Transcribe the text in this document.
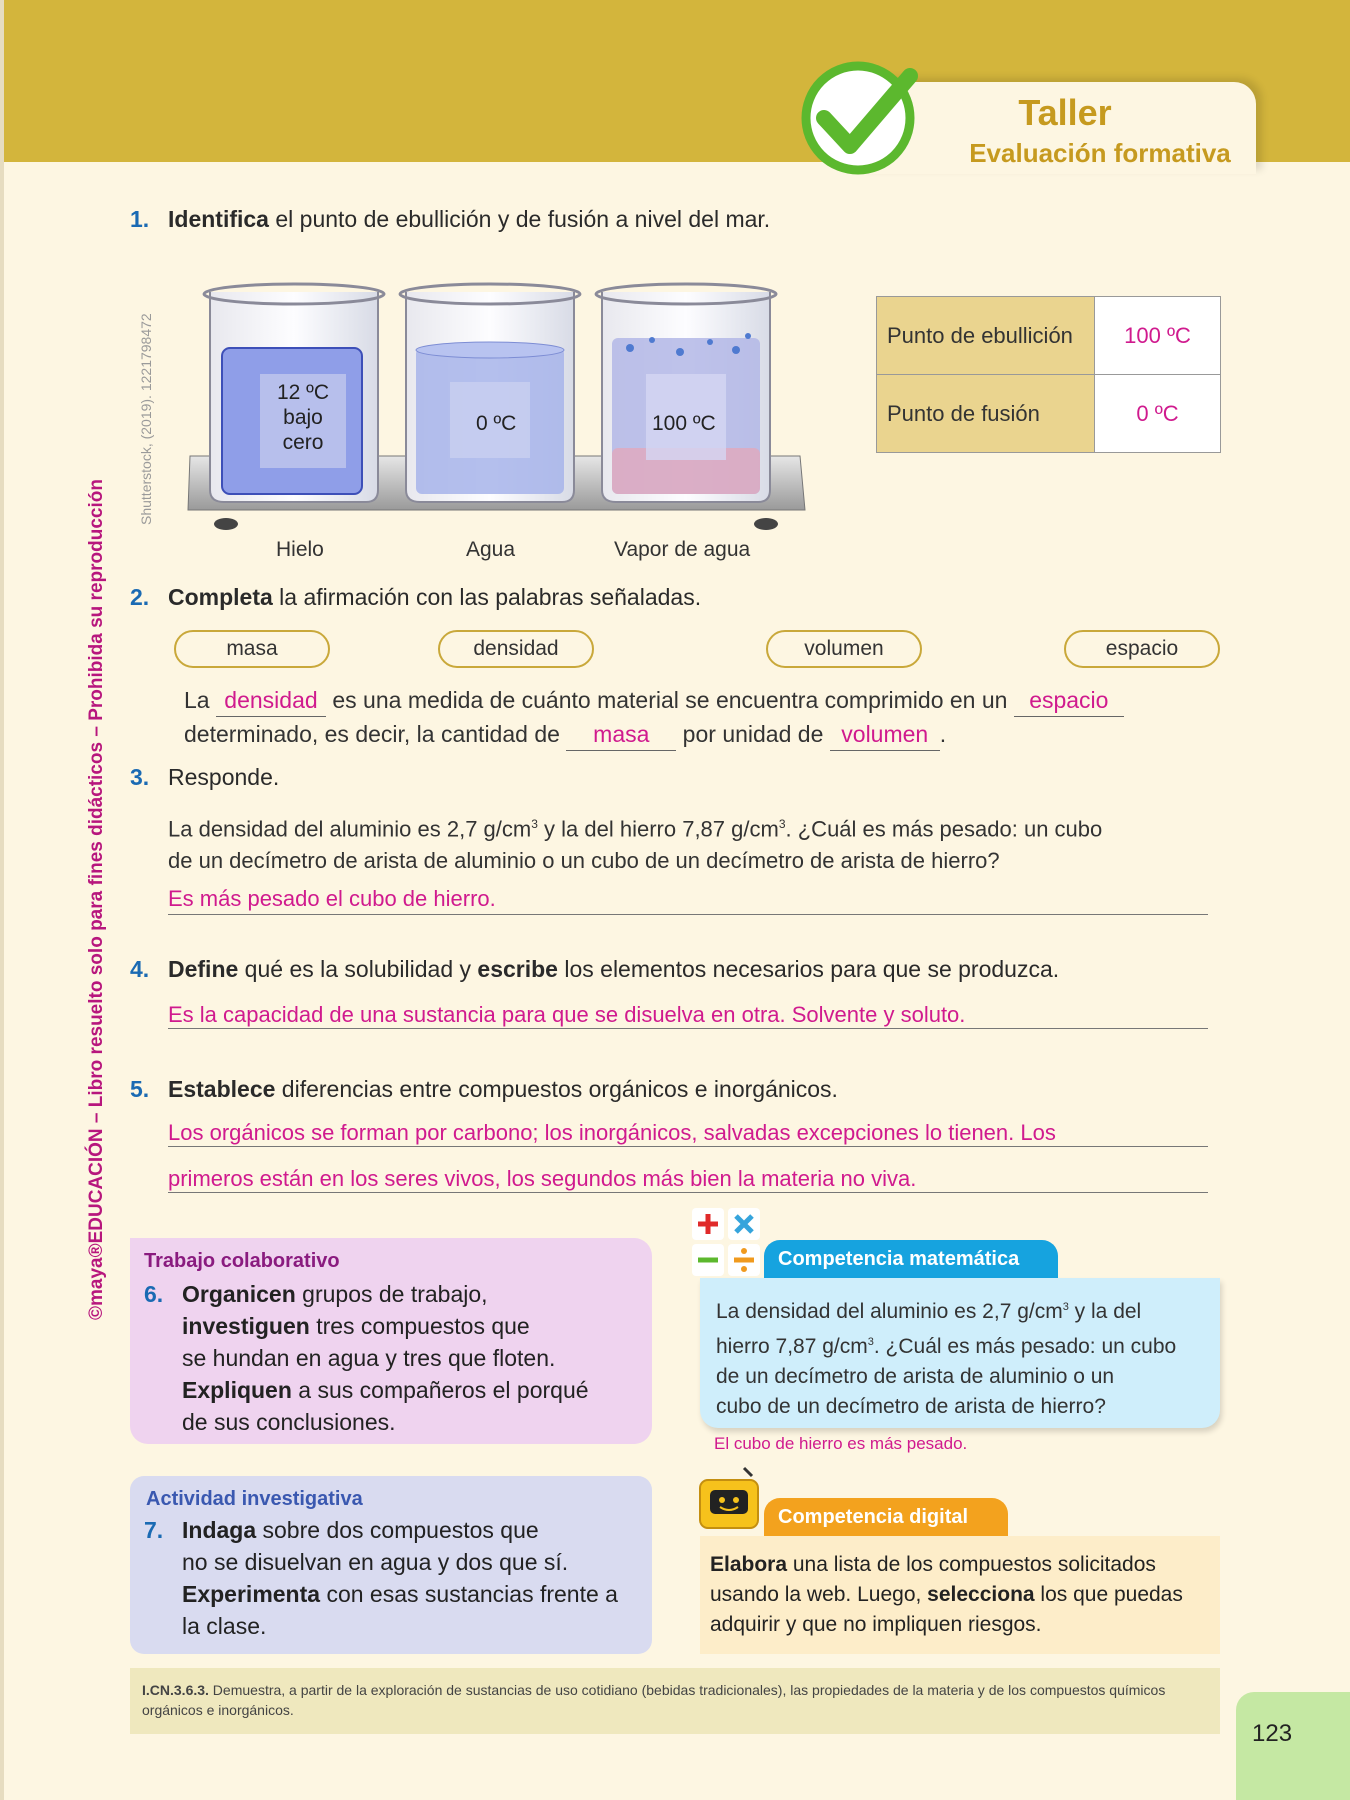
Taller
Evaluación formativa
©maya®EDUCACIÓN – Libro resuelto solo para fines didácticos – Prohibida su reproducción
Shutterstock, (2019). 1221798472
1. Identifica el punto de ebullición y de fusión a nivel del mar.
12 ºC
bajo
cero
0 ºC	100 ºC
Hielo	Agua	Vapor de agua
Punto de ebullición	100 ºC
Punto de fusión	0 ºC
2. Completa la afirmación con las palabras señaladas.
masa	densidad	volumen	espacio
La densidad es una medida de cuánto material se encuentra comprimido en un espacio
determinado, es decir, la cantidad de masa por unidad de volumen .
3. Responde.
La densidad del aluminio es 2,7 $g/cm^3$ y la del hierro 7,87 $g/cm^3$. ¿Cuál es más pesado: un cubo
de un decímetro de arista de aluminio o un cubo de un decímetro de arista de hierro?
Es más pesado el cubo de hierro.
4. Define qué es la solubilidad y escribe los elementos necesarios para que se produzca.
Es la capacidad de una sustancia para que se disuelva en otra. Solvente y soluto.
5. Establece diferencias entre compuestos orgánicos e inorgánicos.
Los orgánicos se forman por carbono; los inorgánicos, salvadas excepciones lo tienen. Los
primeros están en los seres vivos, los segundos más bien la materia no viva.
Trabajo colaborativo
6. Organicen grupos de trabajo,
investiguen tres compuestos que
se hundan en agua y tres que floten.
Expliquen a sus compañeros el porqué
de sus conclusiones.
Actividad investigativa
7. Indaga sobre dos compuestos que
no se disuelvan en agua y dos que sí.
Experimenta con esas sustancias frente a
la clase.
Competencia matemática
La densidad del aluminio es 2,7 $g/cm^3$ y la del
hierro 7,87 $g/cm^3$. ¿Cuál es más pesado: un cubo
de un decímetro de arista de aluminio o un
cubo de un decímetro de arista de hierro?
El cubo de hierro es más pesado.
Competencia digital
Elabora una lista de los compuestos solicitados
usando la web. Luego, selecciona los que puedas
adquirir y que no impliquen riesgos.
I.CN.3.6.3. Demuestra, a partir de la exploración de sustancias de uso cotidiano (bebidas tradicionales), las propiedades de la materia y de los compuestos químicos orgánicos e inorgánicos.
123
